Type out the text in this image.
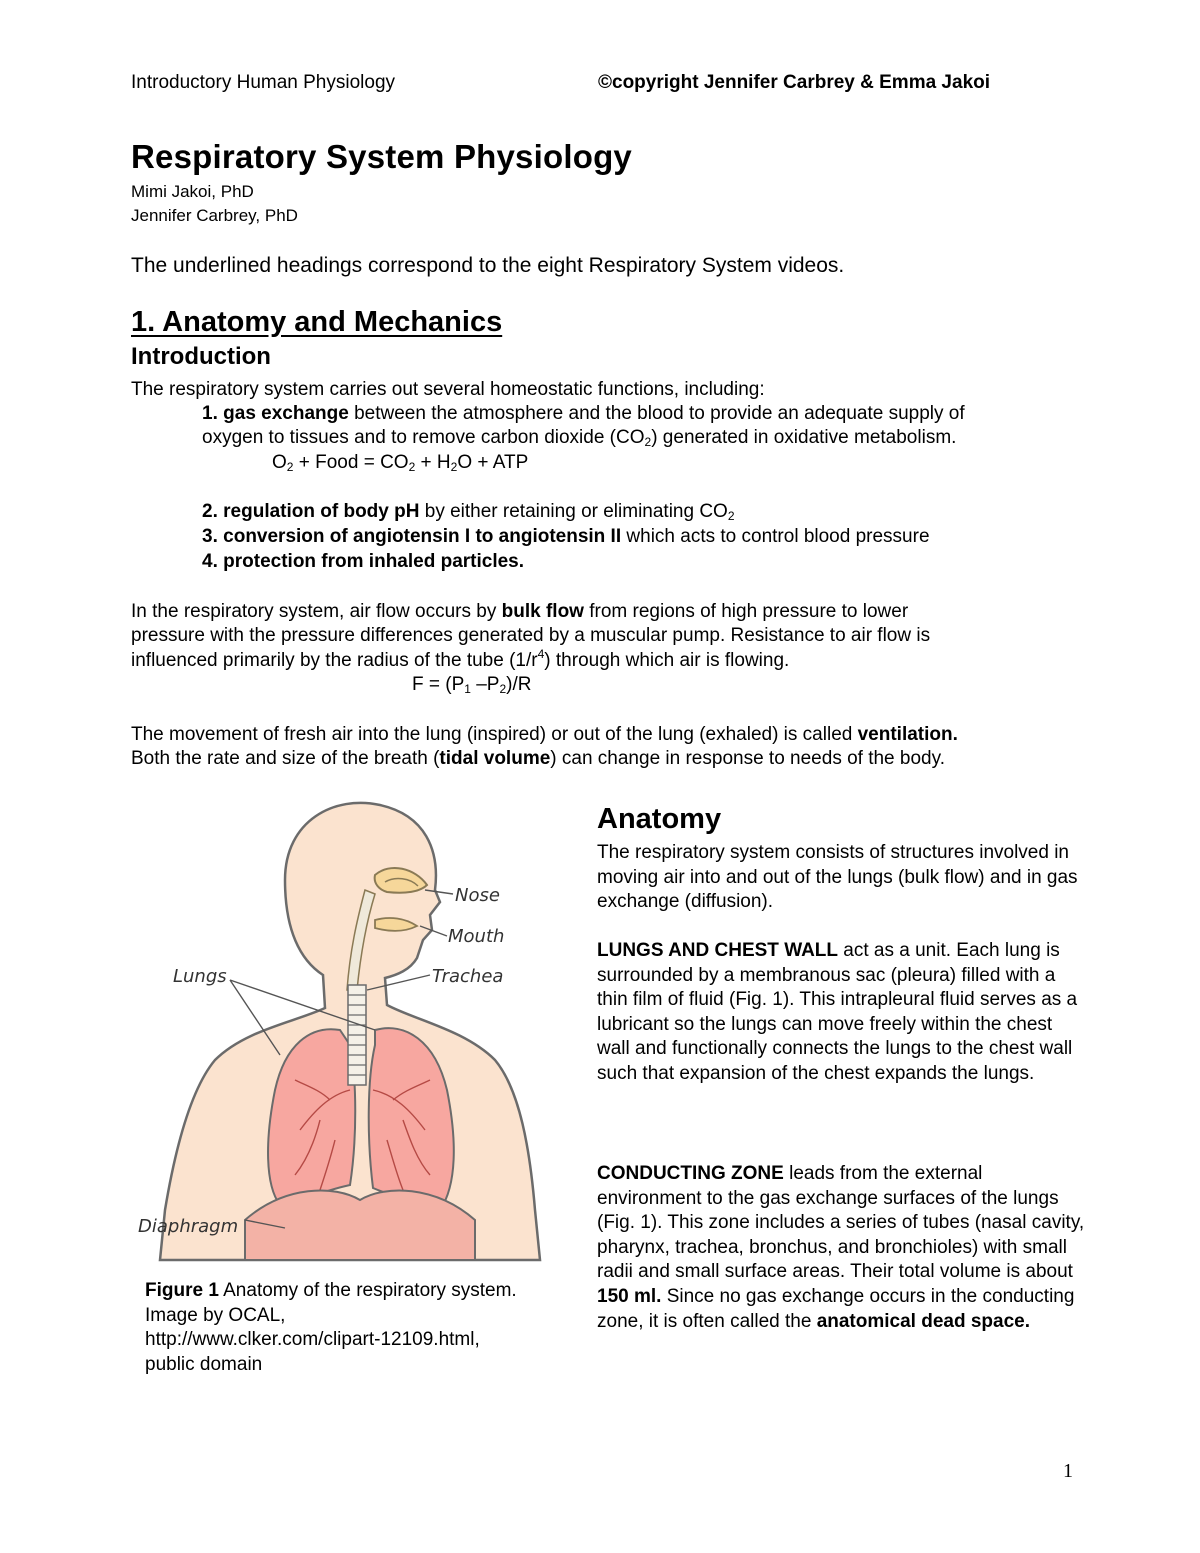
Introductory Human Physiology	©copyright Jennifer Carbrey & Emma Jakoi
Respiratory System Physiology
Mimi Jakoi, PhD
Jennifer Carbrey, PhD
The underlined headings correspond to the eight Respiratory System videos.
1. Anatomy and Mechanics
Introduction
The respiratory system carries out several homeostatic functions, including:
1. gas exchange between the atmosphere and the blood to provide an adequate supply of
oxygen to tissues and to remove carbon dioxide $(CO_2)$ generated in oxidative metabolism.
$O_2$ + Food = $CO_2 + H_2O$ + ATP
2. regulation of body pH by either retaining or eliminating $CO_2$
3. conversion of angiotensin I to angiotensin II which acts to control blood pressure
4. protection from inhaled particles.
In the respiratory system, air flow occurs by bulk flow from regions of high pressure to lower
pressure with the pressure differences generated by a muscular pump. Resistance to air flow is
influenced primarily by the radius of the tube $(1/r^4)$ through which air is flowing.
$F = (P_1$ $-P_2)/R$
The movement of fresh air into the lung (inspired) or out of the lung (exhaled) is called ventilation.
Both the rate and size of the breath (tidal volume) can change in response to needs of the body.
Nose
Mouth
Trachea
Lungs
Diaphragm
Figure 1 Anatomy of the respiratory system. Image by OCAL, http://www.clker.com/clipart-12109.html, public domain
Anatomy
The respiratory system consists of structures involved in moving air into and out of the lungs (bulk flow) and in gas exchange (diffusion).
LUNGS AND CHEST WALL act as a unit. Each lung is surrounded by a membranous sac (pleura) filled with a thin film of fluid (Fig. 1). This intrapleural fluid serves as a lubricant so the lungs can move freely within the chest wall and functionally connects the lungs to the chest wall such that expansion of the chest expands the lungs.
CONDUCTING ZONE leads from the external environment to the gas exchange surfaces of the lungs (Fig. 1). This zone includes a series of tubes (nasal cavity, pharynx, trachea, bronchus, and bronchioles) with small radii and small surface areas. Their total volume is about 150 ml. Since no gas exchange occurs in the conducting zone, it is often called the anatomical dead space.
1
